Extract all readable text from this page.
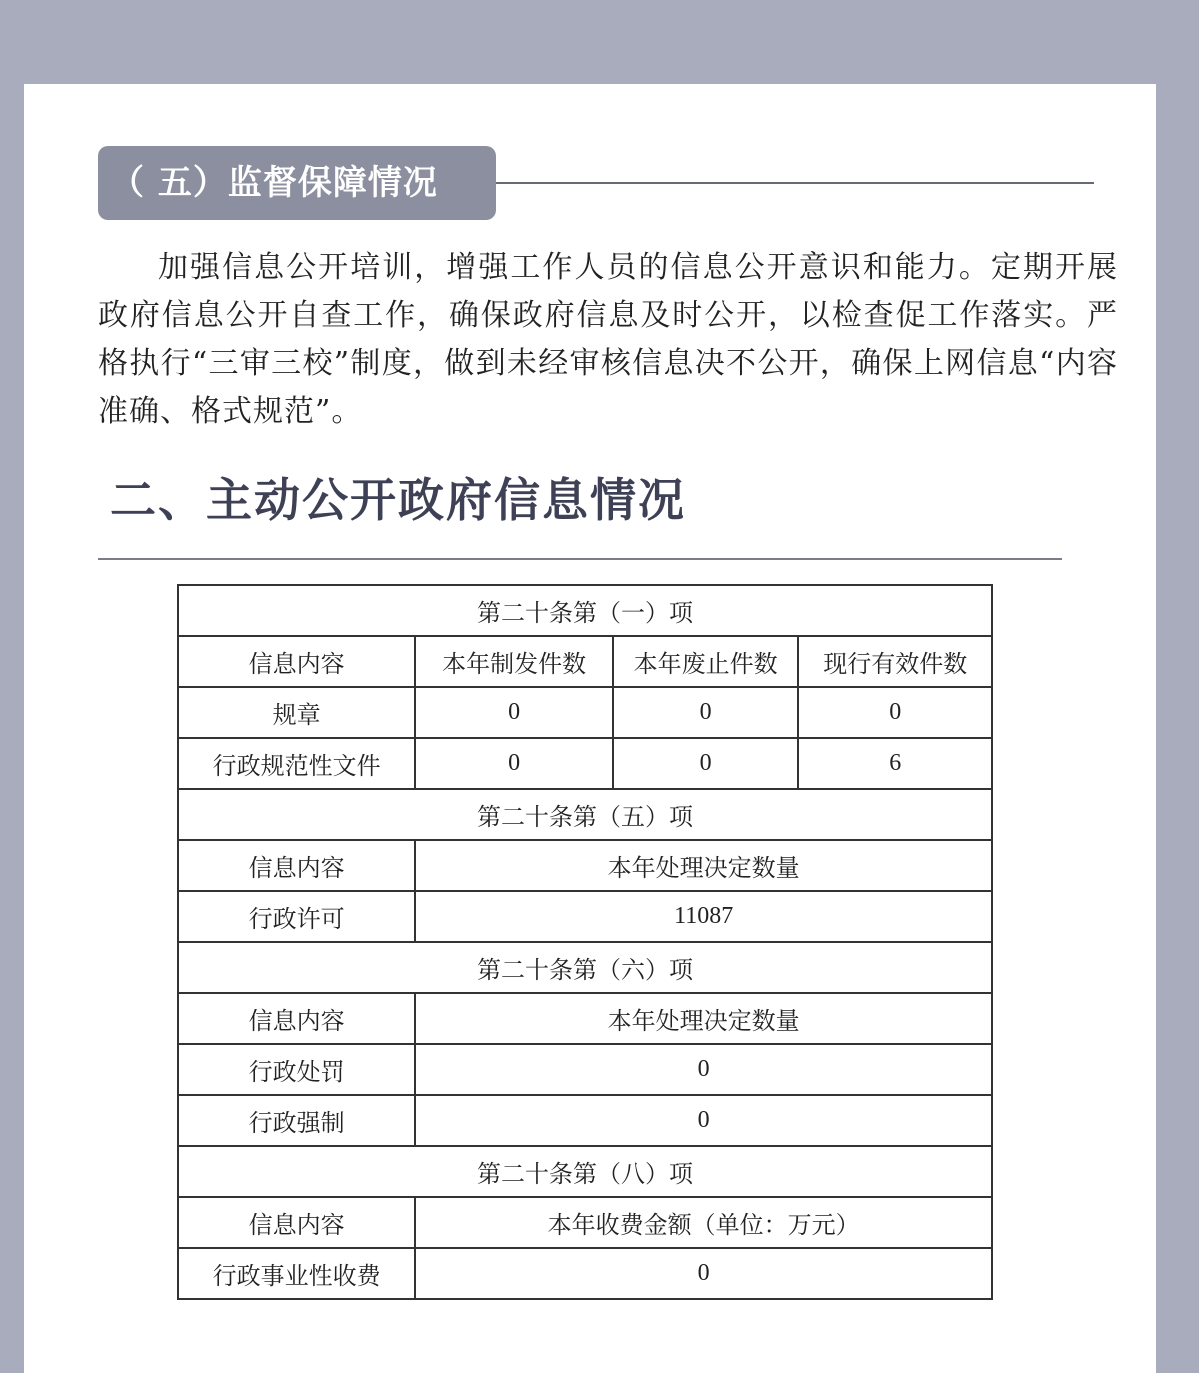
（ 五）监督保障情况

加强信息公开培训，增强工作人员的信息公开意识和能力。定期开展政府信息公开自查工作，确保政府信息及时公开，以检查促工作落实。严格执行“三审三校”制度，做到未经审核信息决不公开，确保上网信息“内容准确、格式规范”。

二、主动公开政府信息情况
第二十条第（一）项			
信息内容	本年制发件数	本年废止件数	现行有效件数
规章	0	0	0
行政规范性文件	0	0	6
第二十条第（五）项			
信息内容	本年处理决定数量		
行政许可	11087		
第二十条第（六）项			
信息内容	本年处理决定数量		
行政处罚	0		
行政强制	0		
第二十条第（八）项			
信息内容	本年收费金额（单位：万元）		
行政事业性收费	0		
